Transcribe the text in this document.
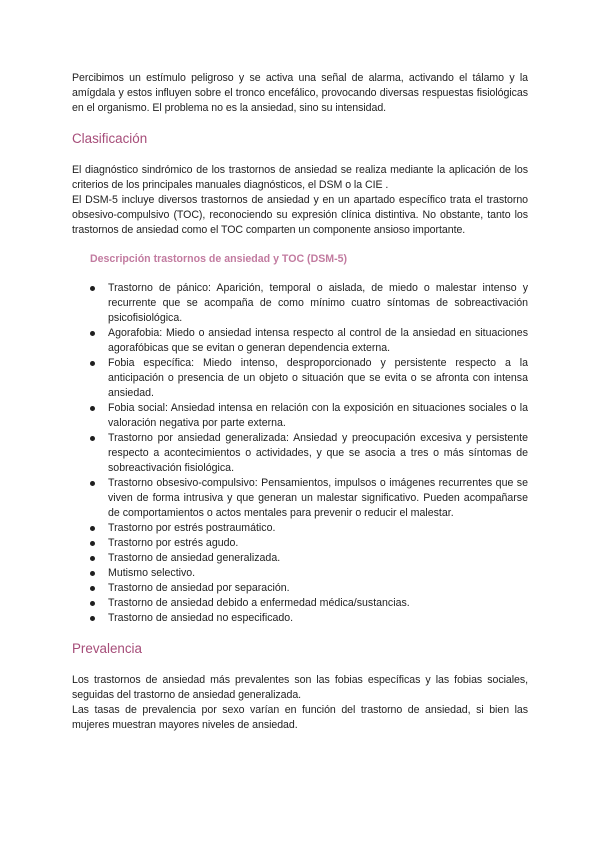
Percibimos un estímulo peligroso y se activa una señal de alarma, activando el tálamo y la amígdala y estos influyen sobre el tronco encefálico, provocando diversas respuestas fisiológicas en el organismo. El problema no es la ansiedad, sino su intensidad.

Clasificación

El diagnóstico sindrómico de los trastornos de ansiedad se realiza mediante la aplicación de los criterios de los principales manuales diagnósticos, el DSM o la CIE .

El DSM-5 incluye diversos trastornos de ansiedad y en un apartado específico trata el trastorno obsesivo-compulsivo (TOC), reconociendo su expresión clínica distintiva. No obstante, tanto los trastornos de ansiedad como el TOC comparten un componente ansioso importante.

Descripción trastornos de ansiedad y TOC (DSM-5)
Trastorno de pánico: Aparición, temporal o aislada, de miedo o malestar intenso y recurrente que se acompaña de como mínimo cuatro síntomas de sobreactivación psicofisiológica.
Agorafobia: Miedo o ansiedad intensa respecto al control de la ansiedad en situaciones agorafóbicas que se evitan o generan dependencia externa.
Fobia específica: Miedo intenso, desproporcionado y persistente respecto a la anticipación o presencia de un objeto o situación que se evita o se afronta con intensa ansiedad.
Fobia social: Ansiedad intensa en relación con la exposición en situaciones sociales o la valoración negativa por parte externa.
Trastorno por ansiedad generalizada: Ansiedad y preocupación excesiva y persistente respecto a acontecimientos o actividades, y que se asocia a tres o más síntomas de sobreactivación fisiológica.
Trastorno obsesivo-compulsivo: Pensamientos, impulsos o imágenes recurrentes que se viven de forma intrusiva y que generan un malestar significativo. Pueden acompañarse de comportamientos o actos mentales para prevenir o reducir el malestar.
Trastorno por estrés postraumático.
Trastorno por estrés agudo.
Trastorno de ansiedad generalizada.
Mutismo selectivo.
Trastorno de ansiedad por separación.
Trastorno de ansiedad debido a enfermedad médica/sustancias.
Trastorno de ansiedad no especificado.
Prevalencia

Los trastornos de ansiedad más prevalentes son las fobias específicas y las fobias sociales, seguidas del trastorno de ansiedad generalizada.

Las tasas de prevalencia por sexo varían en función del trastorno de ansiedad, si bien las mujeres muestran mayores niveles de ansiedad.
